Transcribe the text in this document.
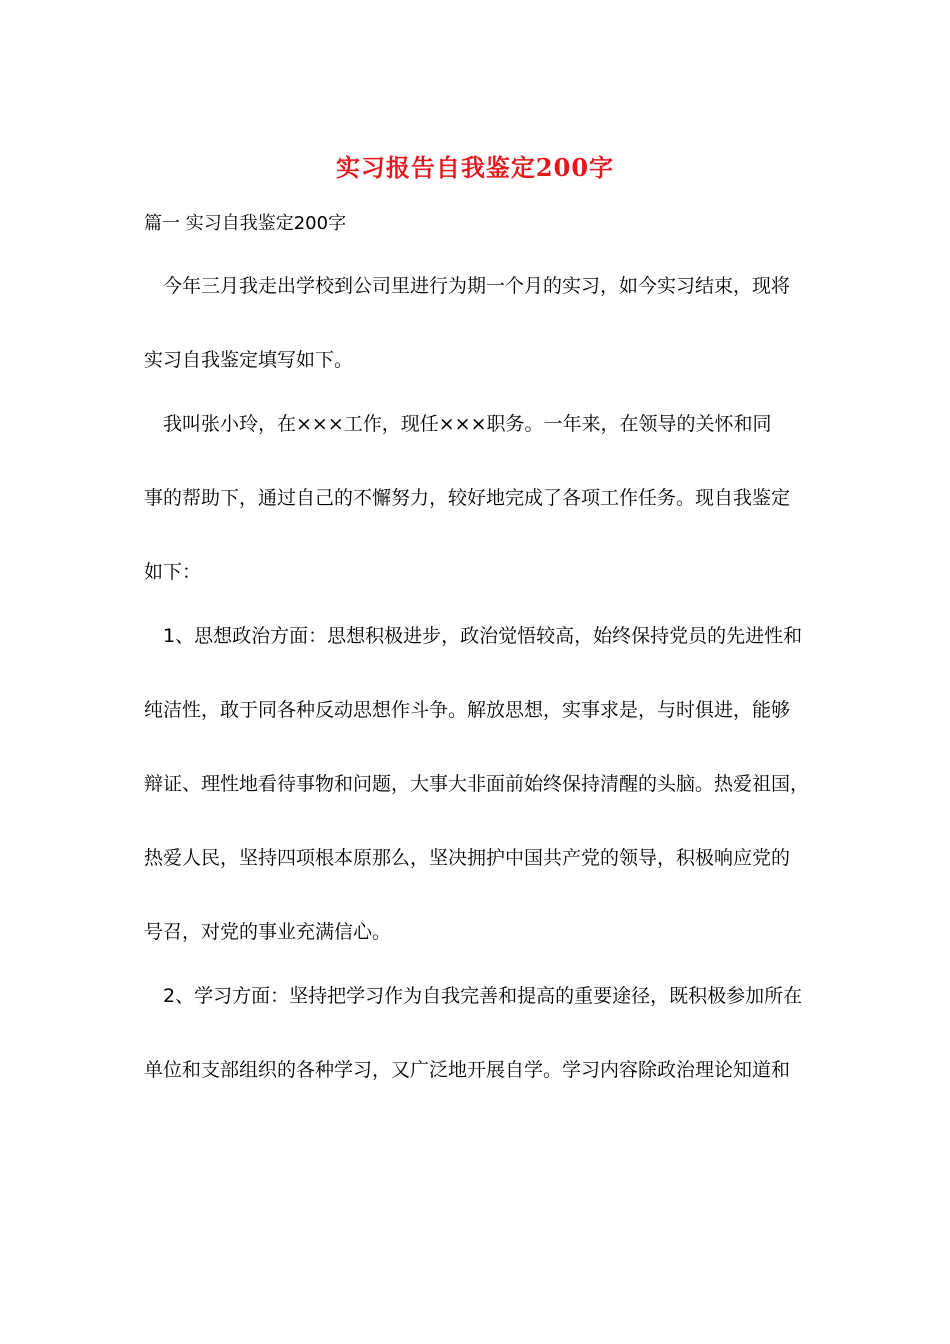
实习报告自我鉴定200字
篇一 实习自我鉴定200字
今年三月我走出学校到公司里进行为期一个月的实习，如今实习结束，现将
实习自我鉴定填写如下。
我叫张小玲，在×××工作，现任×××职务。一年来，在领导的关怀和同
事的帮助下，通过自己的不懈努力，较好地完成了各项工作任务。现自我鉴定
如下：
1、思想政治方面：思想积极进步，政治觉悟较高，始终保持党员的先进性和
纯洁性，敢于同各种反动思想作斗争。解放思想，实事求是，与时俱进，能够
辩证、理性地看待事物和问题，大事大非面前始终保持清醒的头脑。热爱祖国，
热爱人民，坚持四项根本原那么，坚决拥护中国共产党的领导，积极响应党的
号召，对党的事业充满信心。
2、学习方面：坚持把学习作为自我完善和提高的重要途径，既积极参加所在
单位和支部组织的各种学习，又广泛地开展自学。学习内容除政治理论知道和
